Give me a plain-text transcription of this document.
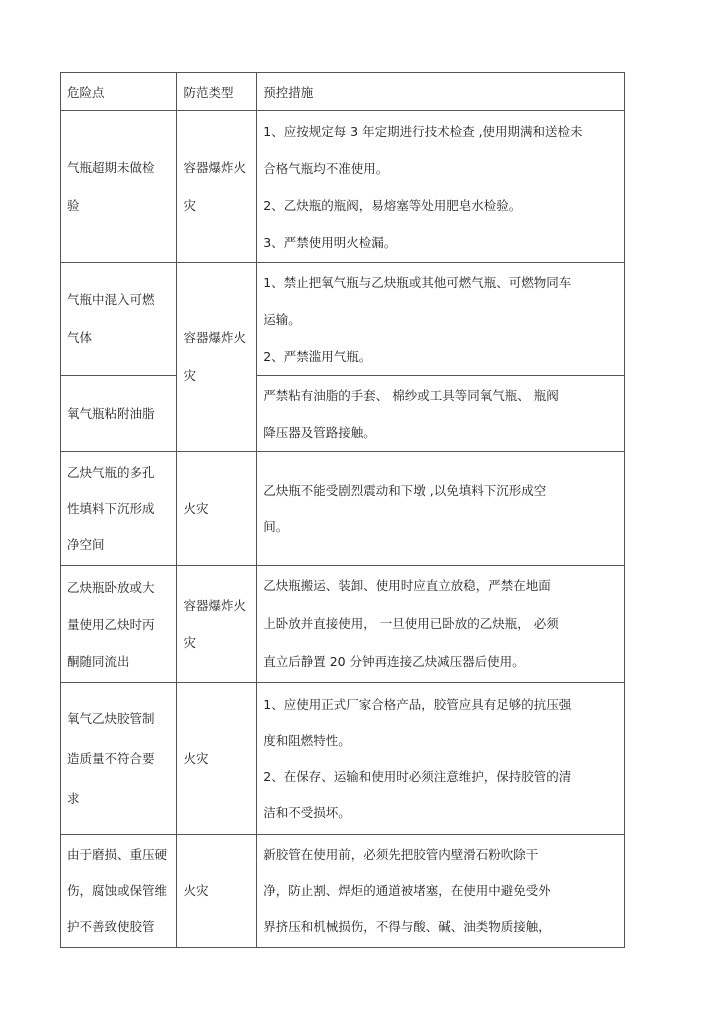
危险点	防范类型	预控措施

气瓶超期未做检
验	容器爆炸火
灾	1、应按规定每 3 年定期进行技术检查 ,使用期满和送检未
合格气瓶均不准使用。
2、乙炔瓶的瓶阀，易熔塞等处用肥皂水检验。
3、严禁使用明火检漏。

气瓶中混入可燃
气体	容器爆炸火
灾	1、禁止把氧气瓶与乙炔瓶或其他可燃气瓶、可燃物同车
运输。
2、严禁滥用气瓶。

氧气瓶粘附油脂		严禁粘有油脂的手套、 棉纱或工具等同氧气瓶、 瓶阀
降压器及管路接触。

乙炔气瓶的多孔
性填料下沉形成
净空间	火灾	乙炔瓶不能受剧烈震动和下墩 ,以免填料下沉形成空
间。

乙炔瓶卧放或大
量使用乙炔时丙
酮随同流出	容器爆炸火
灾	乙炔瓶搬运、装卸、使用时应直立放稳，严禁在地面
上卧放并直接使用， 一旦使用已卧放的乙炔瓶， 必须
直立后静置 20 分钟再连接乙炔减压器后使用。

氧气乙炔胶管制
造质量不符合要
求	火灾	1、应使用正式厂家合格产品，胶管应具有足够的抗压强
度和阻燃特性。
2、在保存、运输和使用时必须注意维护，保持胶管的清
洁和不受损坏。

由于磨损、重压硬
伤，腐蚀或保管维
护不善致使胶管	火灾	新胶管在使用前，必须先把胶管内壁滑石粉吹除干
净，防止割、焊炬的通道被堵塞，在使用中避免受外
界挤压和机械损伤，不得与酸、碱、油类物质接触，
